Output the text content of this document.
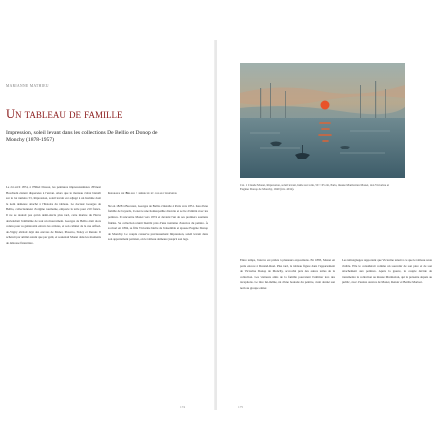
MARIANNE MATHIEU
Un tableau de famille
Impression, soleil levant dans les collections De Bellio et Donop de Monchy (1878-1957)
Le 24 avril 1874, à l'Hôtel Drouot, les peintures impressionnistes d'Ernest Hoschedé étaient dispersées à l'encan. Alors que le marteau s'abat bientôt sur le lot numéro 53, Impression, soleil levant est adjugé à un homme dont le nom demeure attaché à l'histoire du tableau. Le docteur Georges de Bellio, collectionneur d'origine roumaine, emporte la toile pour 210 francs. Il ne se doutait pas qu'un demi-siècle plus tard, cette marine du Havre deviendrait l'emblème de tout un mouvement. Georges de Bellio était alors connu pour sa générosité envers les artistes, et son cabinet de la rue Alfred-de-Vigny abritait déjà des œuvres de Manet, Pissarro, Sisley et Renoir. Il achetait par amitié autant que par goût, et soutenait Monet dans les moments de détresse financière.

Georges de Bellio : médecin et collectionneur

Né en 1828 à Bucarest, Georges de Bellio s'installe à Paris vers 1851. Issu d'une famille de boyards, il exerce une homéopathie discrète et se lie d'amitié avec les peintres. Il rencontre Monet vers 1874 et devient l'un de ses premiers soutiens fidèles. Sa collection réunit bientôt près d'une trentaine d'œuvres du peintre. À sa mort en 1894, sa fille Victorine hérite de l'ensemble et épouse Eugène Donop de Monchy. Le couple conserve précieusement Impression, soleil levant dans son appartement parisien, où le tableau demeure jusqu'à son legs.

174
Cat. 1 Claude Monet, Impression, soleil levant, huile sur toile, 50 × 65 cm, Paris, musée Marmottan Monet, don Victorine et Eugène Donop de Monchy, 1940 (inv. 4014).
Entre temps, l'œuvre est prêtée à plusieurs expositions. En 1883, Monet en parle encore à Durand-Ruel. Plus tard, le tableau figure dans l'appartement de Victorine Donop de Monchy, accroché près des autres toiles de la collection. Les visiteurs amis de la famille pouvaient l'admirer lors des réceptions. Le titre lui-même, né d'une boutade du peintre, avait donné son nom au groupe entier.
Les témoignages rapportent que Victorine tenait à ce que le tableau reste visible. Elle le considérait comme un souvenir de son père et de son attachement aux peintres. Après la guerre, le couple décide de transmettre la collection au musée Marmottan, qui la présente depuis au public, avec d'autres œuvres de Monet, Renoir et Berthe Morisot.
175
